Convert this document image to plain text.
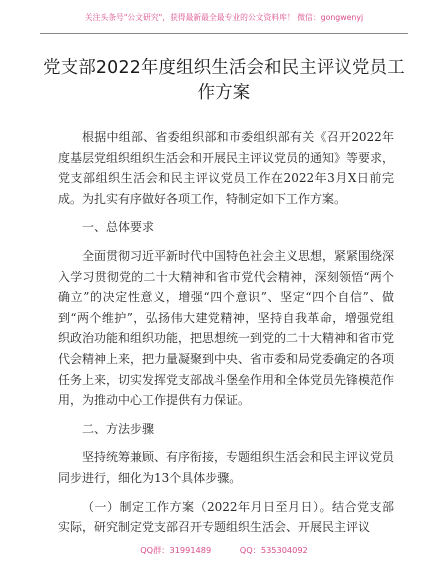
关注头条号"公文研究"，获得最新最全最专业的公文资料库！ 微信：gongwenyj
党支部2022年度组织生活会和民主评议党员工作方案

根据中组部、省委组织部和市委组织部有关《召开2022年度基层党组织组织生活会和开展民主评议党员的通知》等要求，党支部组织生活会和民主评议党员工作在2022年3月X日前完成。为扎实有序做好各项工作，特制定如下工作方案。

一、总体要求

全面贯彻习近平新时代中国特色社会主义思想，紧紧围绕深入学习贯彻党的二十大精神和省市党代会精神，深刻领悟“两个确立”的决定性意义，增强“四个意识”、坚定“四个自信”、做到“两个维护”，弘扬伟大建党精神，坚持自我革命，增强党组织政治功能和组织功能，把思想统一到党的二十大精神和省市党代会精神上来，把力量凝聚到中央、省市委和局党委确定的各项任务上来，切实发挥党支部战斗堡垒作用和全体党员先锋模范作用，为推动中心工作提供有力保证。

二、方法步骤

坚持统筹兼顾、有序衔接，专题组织生活会和民主评议党员同步进行，细化为13个具体步骤。

（一）制定工作方案（2022年月日至月日）。结合党支部实际，研究制定党支部召开专题组织生活会、开展民主评议

QQ群：31991489	QQ：535304092
